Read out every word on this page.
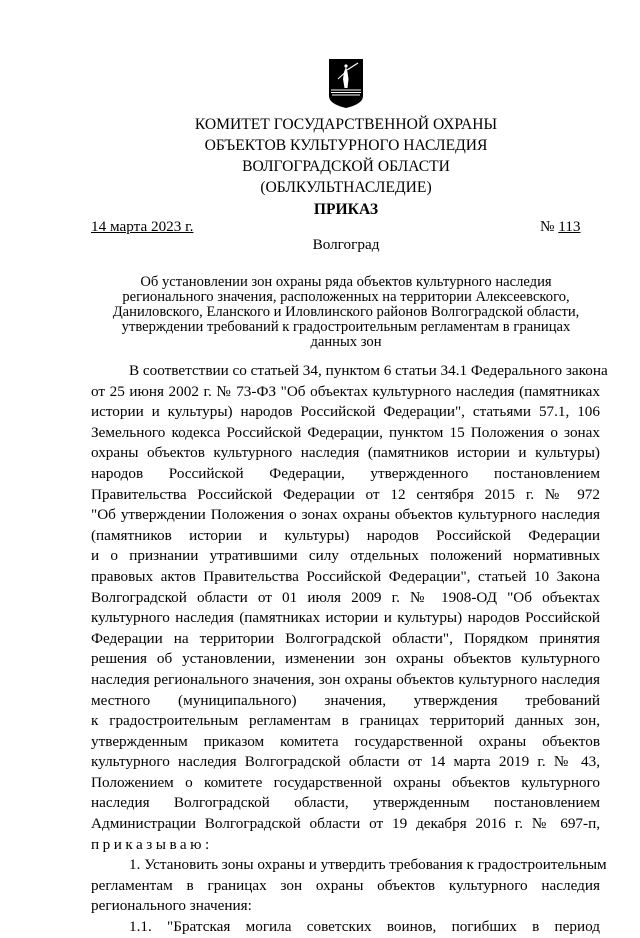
КОМИТЕТ ГОСУДАРСТВЕННОЙ ОХРАНЫ
ОБЪЕКТОВ КУЛЬТУРНОГО НАСЛЕДИЯ
ВОЛГОГРАДСКОЙ ОБЛАСТИ
(ОБЛКУЛЬТНАСЛЕДИЕ)
ПРИКАЗ
14 марта 2023 г.	№ 113
Волгоград
Об установлении зон охраны ряда объектов культурного наследия
регионального значения, расположенных на территории Алексеевского,
Даниловского, Еланского и Иловлинского районов Волгоградской области,
утверждении требований к градостроительным регламентам в границах
данных зон
В соответствии со статьей 34, пунктом 6 статьи 34.1 Федерального закона
от 25 июня 2002 г. № 73-ФЗ "Об объектах культурного наследия (памятниках
истории и культуры) народов Российской Федерации", статьями 57.1, 106
Земельного кодекса Российской Федерации, пунктом 15 Положения о зонах
охраны объектов культурного наследия (памятников истории и культуры)
народов Российской Федерации, утвержденного постановлением
Правительства Российской Федерации от 12 сентября 2015 г. № 972
"Об утверждении Положения о зонах охраны объектов культурного наследия
(памятников истории и культуры) народов Российской Федерации
и о признании утратившими силу отдельных положений нормативных
правовых актов Правительства Российской Федерации", статьей 10 Закона
Волгоградской области от 01 июля 2009 г. № 1908-ОД "Об объектах
культурного наследия (памятниках истории и культуры) народов Российской
Федерации на территории Волгоградской области", Порядком принятия
решения об установлении, изменении зон охраны объектов культурного
наследия регионального значения, зон охраны объектов культурного наследия
местного (муниципального) значения, утверждения требований
к градостроительным регламентам в границах территорий данных зон,
утвержденным приказом комитета государственной охраны объектов
культурного наследия Волгоградской области от 14 марта 2019 г. № 43,
Положением о комитете государственной охраны объектов культурного
наследия Волгоградской области, утвержденным постановлением
Администрации Волгоградской области от 19 декабря 2016 г. № 697-п,
приказываю:
1. Установить зоны охраны и утвердить требования к градостроительным
регламентам в границах зон охраны объектов культурного наследия
регионального значения:
1.1. "Братская могила советских воинов, погибших в период
